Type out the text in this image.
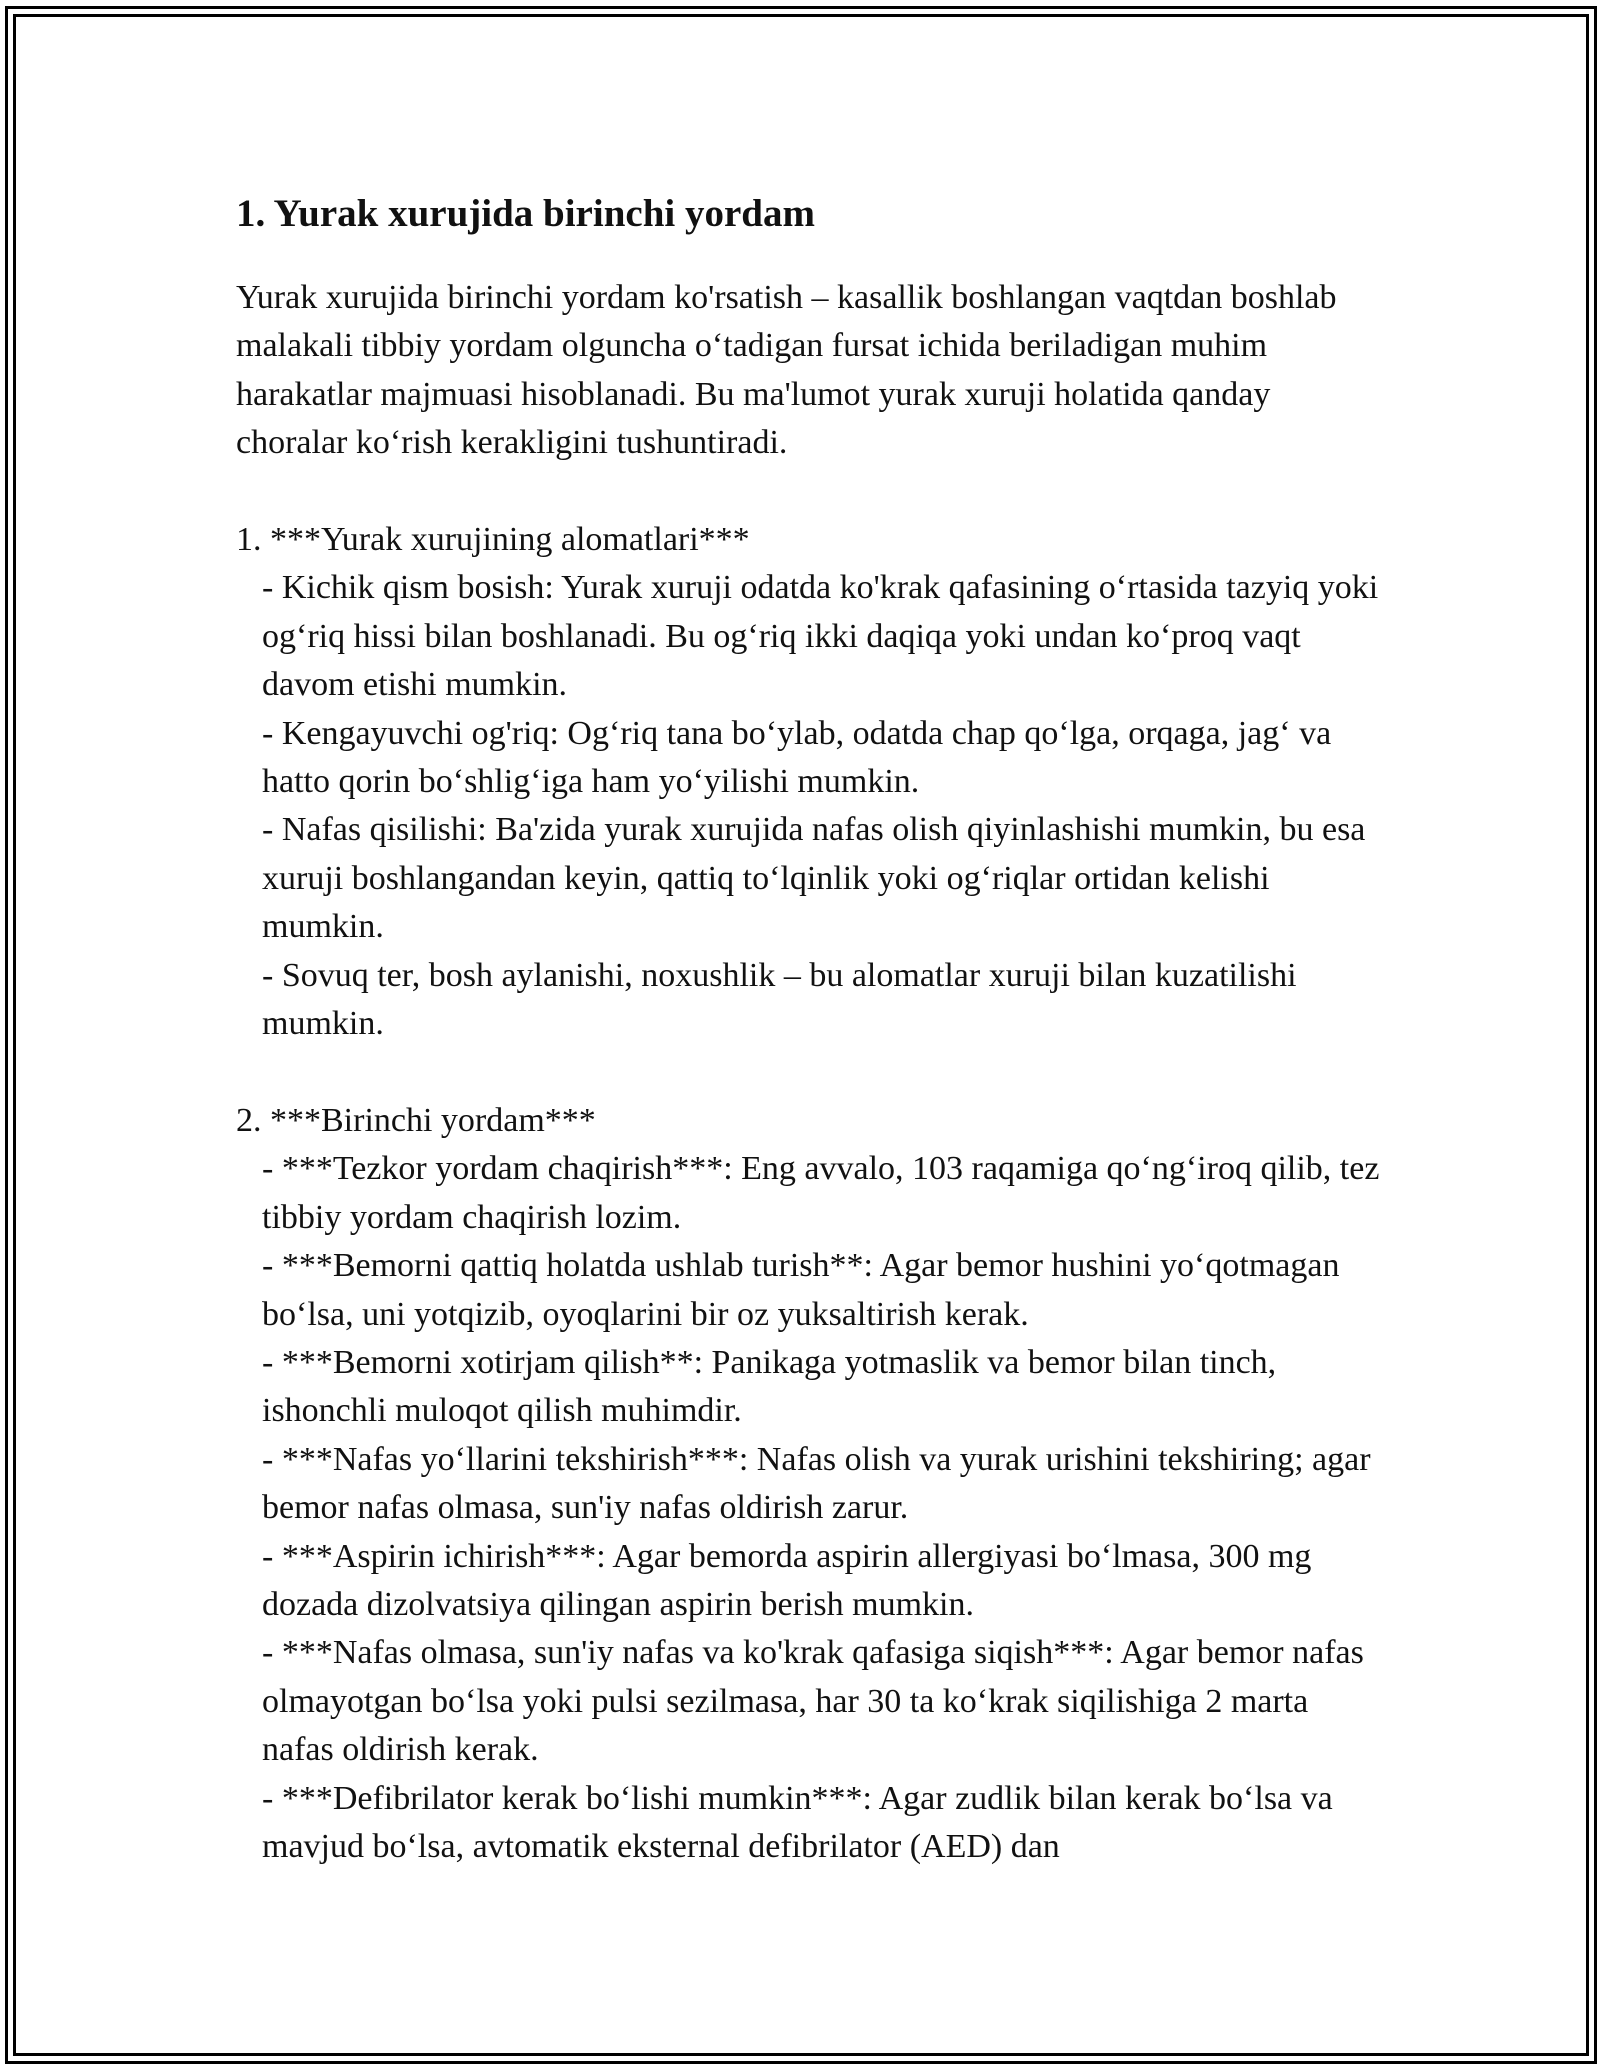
1. Yurak xurujida birinchi yordam

Yurak xurujida birinchi yordam ko'rsatish – kasallik boshlangan vaqtdan boshlab malakali tibbiy yordam olguncha o‘tadigan fursat ichida beriladigan muhim harakatlar majmuasi hisoblanadi. Bu ma'lumot yurak xuruji holatida qanday choralar ko‘rish kerakligini tushuntiradi.

1. ***Yurak xurujining alomatlari***

- Kichik qism bosish: Yurak xuruji odatda ko'krak qafasining o‘rtasida tazyiq yoki og‘riq hissi bilan boshlanadi. Bu og‘riq ikki daqiqa yoki undan ko‘proq vaqt davom etishi mumkin.

- Kengayuvchi og'riq: Og‘riq tana bo‘ylab, odatda chap qo‘lga, orqaga, jag‘ va hatto qorin bo‘shlig‘iga ham yo‘yilishi mumkin.

- Nafas qisilishi: Ba'zida yurak xurujida nafas olish qiyinlashishi mumkin, bu esa xuruji boshlangandan keyin, qattiq to‘lqinlik yoki og‘riqlar ortidan kelishi mumkin.

- Sovuq ter, bosh aylanishi, noxushlik – bu alomatlar xuruji bilan kuzatilishi mumkin.

2. ***Birinchi yordam***

- ***Tezkor yordam chaqirish***: Eng avvalo, 103 raqamiga qo‘ng‘iroq qilib, tez tibbiy yordam chaqirish lozim.

- ***Bemorni qattiq holatda ushlab turish**: Agar bemor hushini yo‘qotmagan bo‘lsa, uni yotqizib, oyoqlarini bir oz yuksaltirish kerak.

- ***Bemorni xotirjam qilish**: Panikaga yotmaslik va bemor bilan tinch, ishonchli muloqot qilish muhimdir.

- ***Nafas yo‘llarini tekshirish***: Nafas olish va yurak urishini tekshiring; agar bemor nafas olmasa, sun'iy nafas oldirish zarur.

- ***Aspirin ichirish***: Agar bemorda aspirin allergiyasi bo‘lmasa, 300 mg dozada dizolvatsiya qilingan aspirin berish mumkin.

- ***Nafas olmasa, sun'iy nafas va ko'krak qafasiga siqish***: Agar bemor nafas olmayotgan bo‘lsa yoki pulsi sezilmasa, har 30 ta ko‘krak siqilishiga 2 marta nafas oldirish kerak.

- ***Defibrilator kerak bo‘lishi mumkin***: Agar zudlik bilan kerak bo‘lsa va mavjud bo‘lsa, avtomatik eksternal defibrilator (AED) dan
